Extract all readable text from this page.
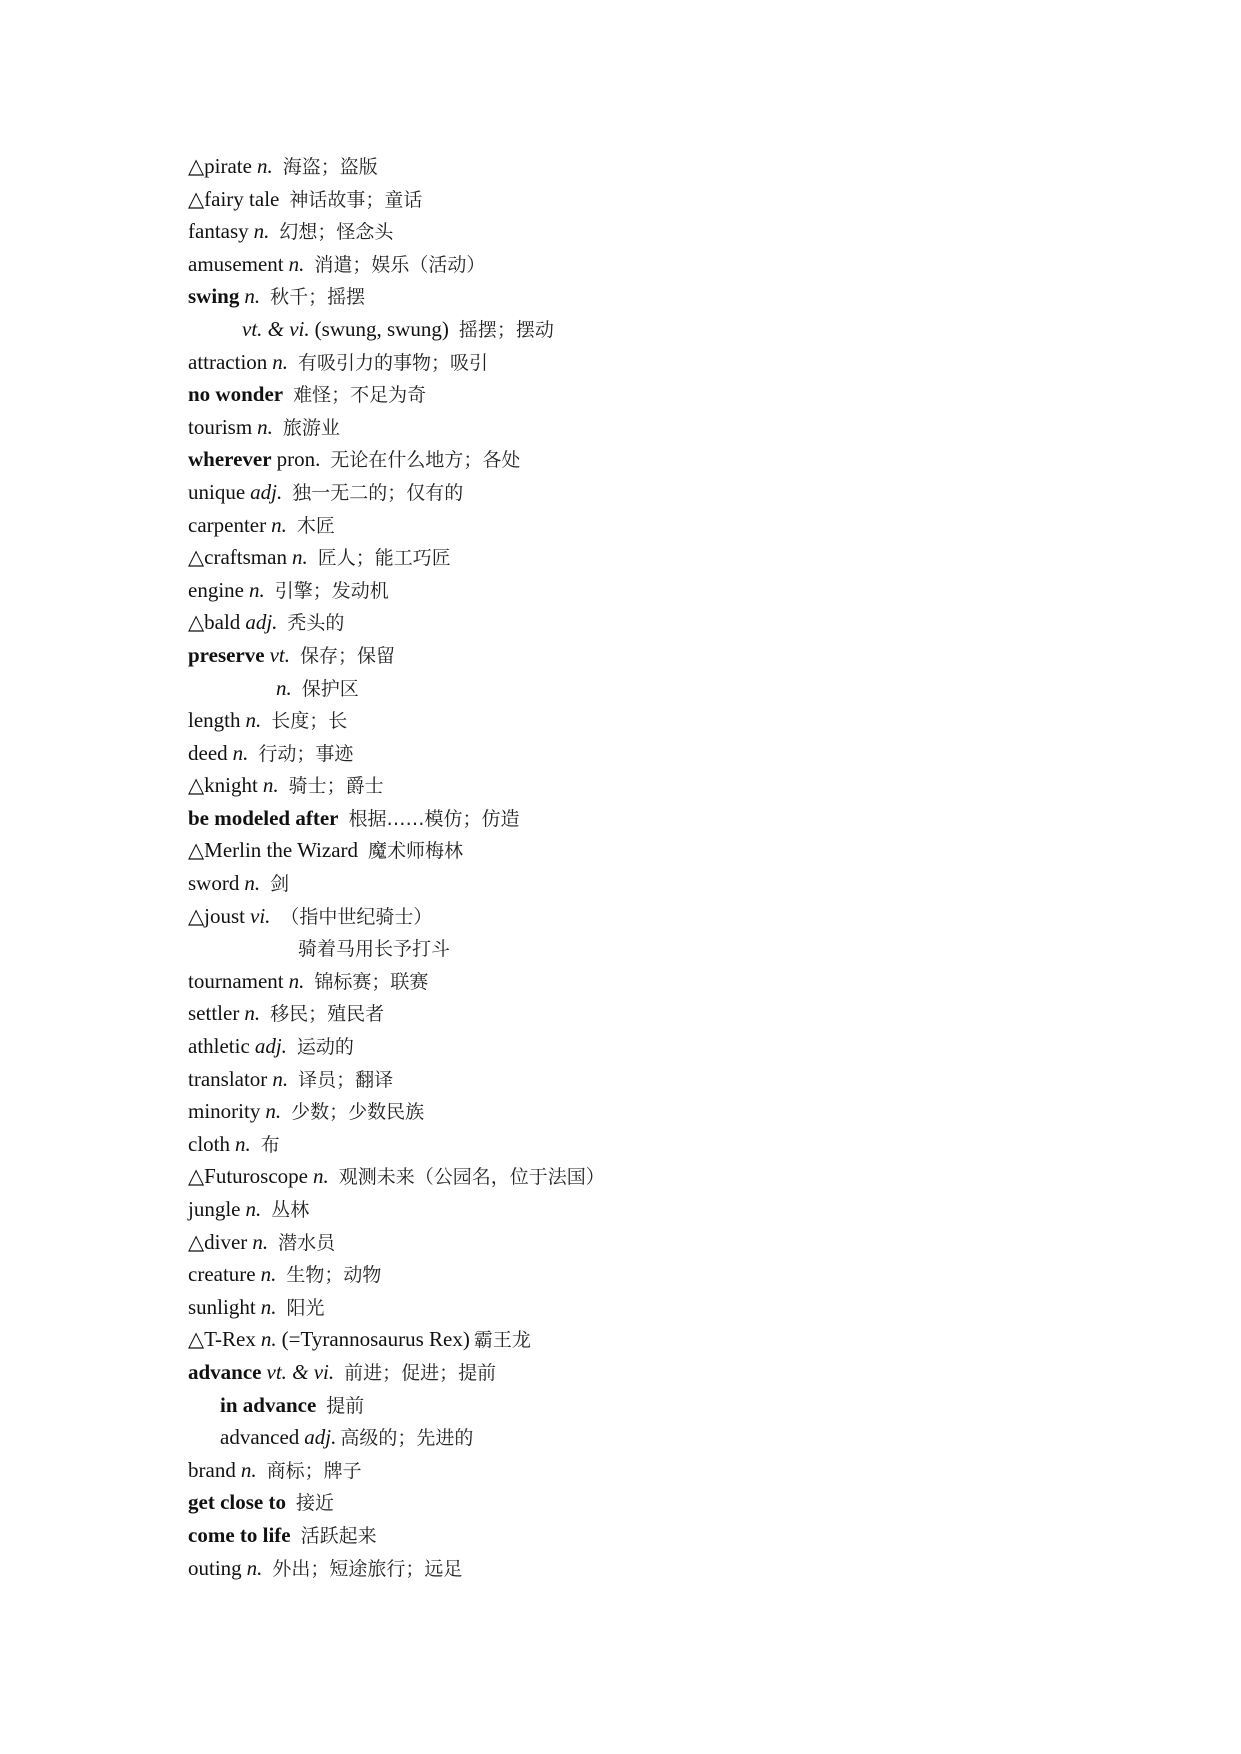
△pirate n. 海盗；盗版
△fairy tale 神话故事；童话
fantasy n. 幻想；怪念头
amusement n. 消遣；娱乐（活动）
swing n. 秋千；摇摆
vt. & vi. (swung, swung) 摇摆；摆动
attraction n. 有吸引力的事物；吸引
no wonder 难怪；不足为奇
tourism n. 旅游业
wherever pron. 无论在什么地方；各处
unique adj. 独一无二的；仅有的
carpenter n. 木匠
△craftsman n. 匠人；能工巧匠
engine n. 引擎；发动机
△bald adj. 秃头的
preserve vt. 保存；保留
n. 保护区
length n. 长度；长
deed n. 行动；事迹
△knight n. 骑士；爵士
be modeled after 根据……模仿；仿造
△Merlin the Wizard 魔术师梅林
sword n. 剑
△joust vi. （指中世纪骑士）
骑着马用长予打斗
tournament n. 锦标赛；联赛
settler n. 移民；殖民者
athletic adj. 运动的
translator n. 译员；翻译
minority n. 少数；少数民族
cloth n. 布
△Futuroscope n. 观测未来（公园名，位于法国）
jungle n. 丛林
△diver n. 潜水员
creature n. 生物；动物
sunlight n. 阳光
△T-Rex n. (=Tyrannosaurus Rex) 霸王龙
advance vt. & vi. 前进；促进；提前
in advance 提前
advanced adj. 高级的；先进的
brand n. 商标；牌子
get close to 接近
come to life 活跃起来
outing n. 外出；短途旅行；远足
